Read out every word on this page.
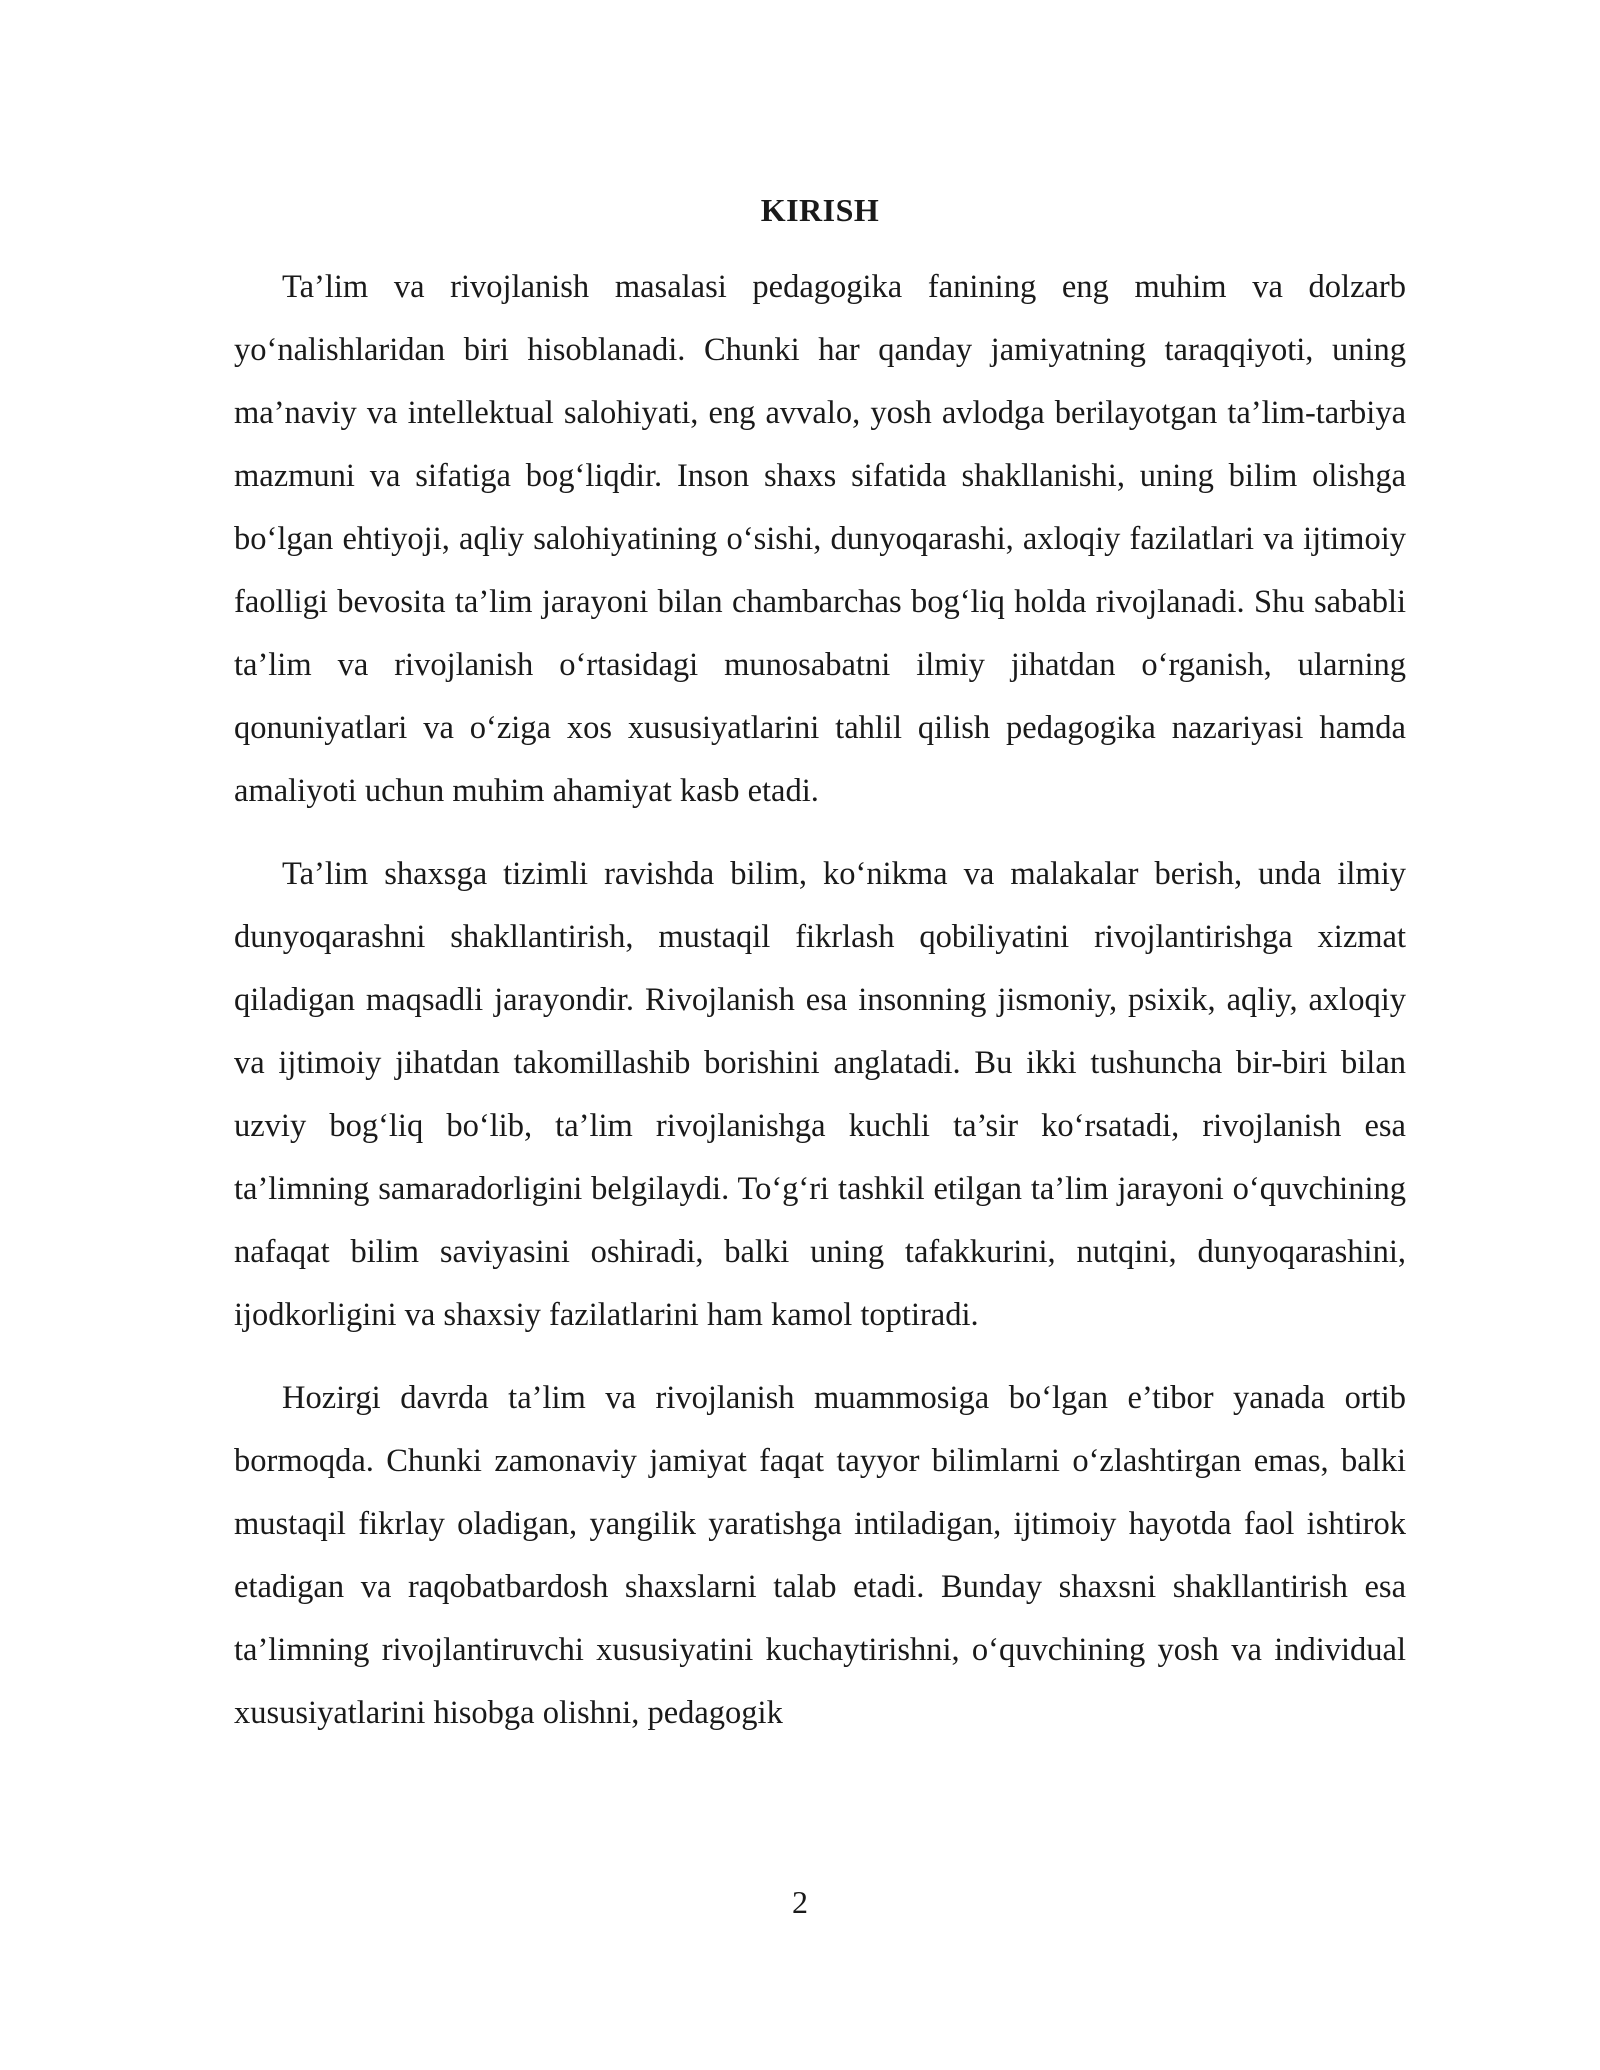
KIRISH

Ta’lim va rivojlanish masalasi pedagogika fanining eng muhim va dolzarb yo‘nalishlaridan biri hisoblanadi. Chunki har qanday jamiyatning taraqqiyoti, uning ma’naviy va intellektual salohiyati, eng avvalo, yosh avlodga berilayotgan ta’lim-tarbiya mazmuni va sifatiga bog‘liqdir. Inson shaxs sifatida shakllanishi, uning bilim olishga bo‘lgan ehtiyoji, aqliy salohiyatining o‘sishi, dunyoqarashi, axloqiy fazilatlari va ijtimoiy faolligi bevosita ta’lim jarayoni bilan chambarchas bog‘liq holda rivojlanadi. Shu sababli ta’lim va rivojlanish o‘rtasidagi munosabatni ilmiy jihatdan o‘rganish, ularning qonuniyatlari va o‘ziga xos xususiyatlarini tahlil qilish pedagogika nazariyasi hamda amaliyoti uchun muhim ahamiyat kasb etadi.

Ta’lim shaxsga tizimli ravishda bilim, ko‘nikma va malakalar berish, unda ilmiy dunyoqarashni shakllantirish, mustaqil fikrlash qobiliyatini rivojlantirishga xizmat qiladigan maqsadli jarayondir. Rivojlanish esa insonning jismoniy, psixik, aqliy, axloqiy va ijtimoiy jihatdan takomillashib borishini anglatadi. Bu ikki tushuncha bir-biri bilan uzviy bog‘liq bo‘lib, ta’lim rivojlanishga kuchli ta’sir ko‘rsatadi, rivojlanish esa ta’limning samaradorligini belgilaydi. To‘g‘ri tashkil etilgan ta’lim jarayoni o‘quvchining nafaqat bilim saviyasini oshiradi, balki uning tafakkurini, nutqini, dunyoqarashini, ijodkorligini va shaxsiy fazilatlarini ham kamol toptiradi.

Hozirgi davrda ta’lim va rivojlanish muammosiga bo‘lgan e’tibor yanada ortib bormoqda. Chunki zamonaviy jamiyat faqat tayyor bilimlarni o‘zlashtirgan emas, balki mustaqil fikrlay oladigan, yangilik yaratishga intiladigan, ijtimoiy hayotda faol ishtirok etadigan va raqobatbardosh shaxslarni talab etadi. Bunday shaxsni shakllantirish esa ta’limning rivojlantiruvchi xususiyatini kuchaytirishni, o‘quvchining yosh va individual xususiyatlarini hisobga olishni, pedagogik

2
